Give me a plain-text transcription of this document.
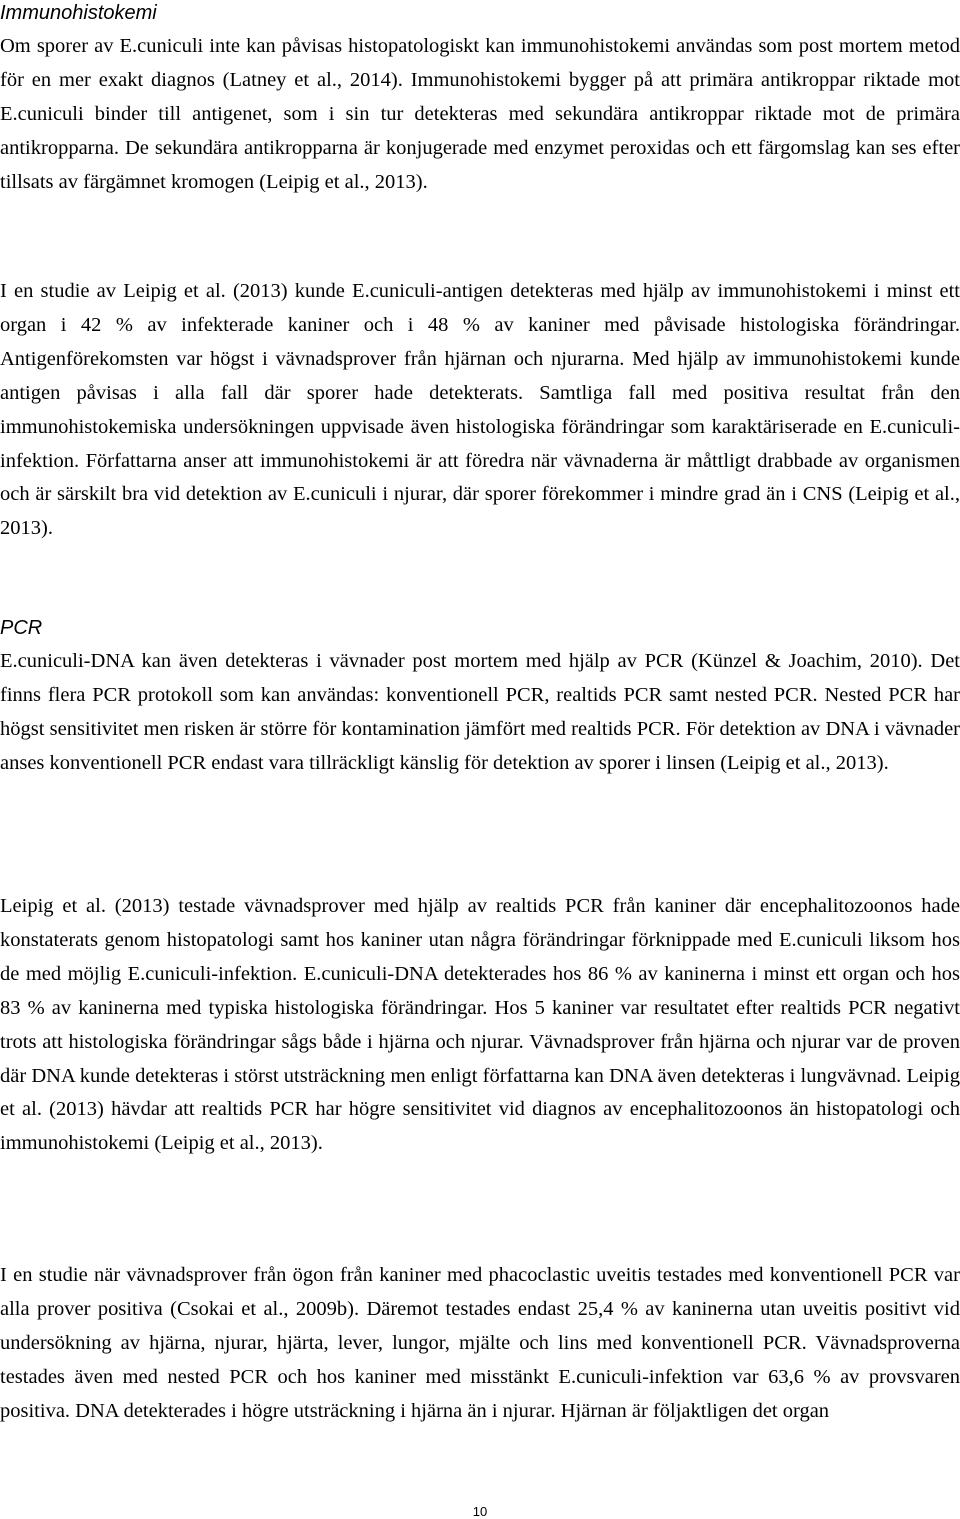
Immunohistokemi

Om sporer av E.cuniculi inte kan påvisas histopatologiskt kan immunohistokemi användas som post mortem metod för en mer exakt diagnos (Latney et al., 2014). Immunohistokemi bygger på att primära antikroppar riktade mot E.cuniculi binder till antigenet, som i sin tur detekteras med sekundära antikroppar riktade mot de primära antikropparna. De sekundära antikropparna är konjugerade med enzymet peroxidas och ett färgomslag kan ses efter tillsats av färgämnet kromogen (Leipig et al., 2013).

I en studie av Leipig et al. (2013) kunde E.cuniculi-antigen detekteras med hjälp av immunohistokemi i minst ett organ i 42 % av infekterade kaniner och i 48 % av kaniner med påvisade histologiska förändringar. Antigenförekomsten var högst i vävnadsprover från hjärnan och njurarna. Med hjälp av immunohistokemi kunde antigen påvisas i alla fall där sporer hade detekterats. Samtliga fall med positiva resultat från den immunohistokemiska undersökningen uppvisade även histologiska förändringar som karaktäriserade en E.cuniculi-infektion. Författarna anser att immunohistokemi är att föredra när vävnaderna är måttligt drabbade av organismen och är särskilt bra vid detektion av E.cuniculi i njurar, där sporer förekommer i mindre grad än i CNS (Leipig et al., 2013).

PCR

E.cuniculi-DNA kan även detekteras i vävnader post mortem med hjälp av PCR (Künzel & Joachim, 2010). Det finns flera PCR protokoll som kan användas: konventionell PCR, realtids PCR samt nested PCR. Nested PCR har högst sensitivitet men risken är större för kontamination jämfört med realtids PCR. För detektion av DNA i vävnader anses konventionell PCR endast vara tillräckligt känslig för detektion av sporer i linsen (Leipig et al., 2013).

Leipig et al. (2013) testade vävnadsprover med hjälp av realtids PCR från kaniner där encephalitozoonos hade konstaterats genom histopatologi samt hos kaniner utan några förändringar förknippade med E.cuniculi liksom hos de med möjlig E.cuniculi-infektion. E.cuniculi-DNA detekterades hos 86 % av kaninerna i minst ett organ och hos 83 % av kaninerna med typiska histologiska förändringar. Hos 5 kaniner var resultatet efter realtids PCR negativt trots att histologiska förändringar sågs både i hjärna och njurar. Vävnadsprover från hjärna och njurar var de proven där DNA kunde detekteras i störst utsträckning men enligt författarna kan DNA även detekteras i lungvävnad. Leipig et al. (2013) hävdar att realtids PCR har högre sensitivitet vid diagnos av encephalitozoonos än histopatologi och immunohistokemi (Leipig et al., 2013).

I en studie när vävnadsprover från ögon från kaniner med phacoclastic uveitis testades med konventionell PCR var alla prover positiva (Csokai et al., 2009b). Däremot testades endast 25,4 % av kaninerna utan uveitis positivt vid undersökning av hjärna, njurar, hjärta, lever, lungor, mjälte och lins med konventionell PCR. Vävnadsproverna testades även med nested PCR och hos kaniner med misstänkt E.cuniculi-infektion var 63,6 % av provsvaren positiva. DNA detekterades i högre utsträckning i hjärna än i njurar. Hjärnan är följaktligen det organ

10
